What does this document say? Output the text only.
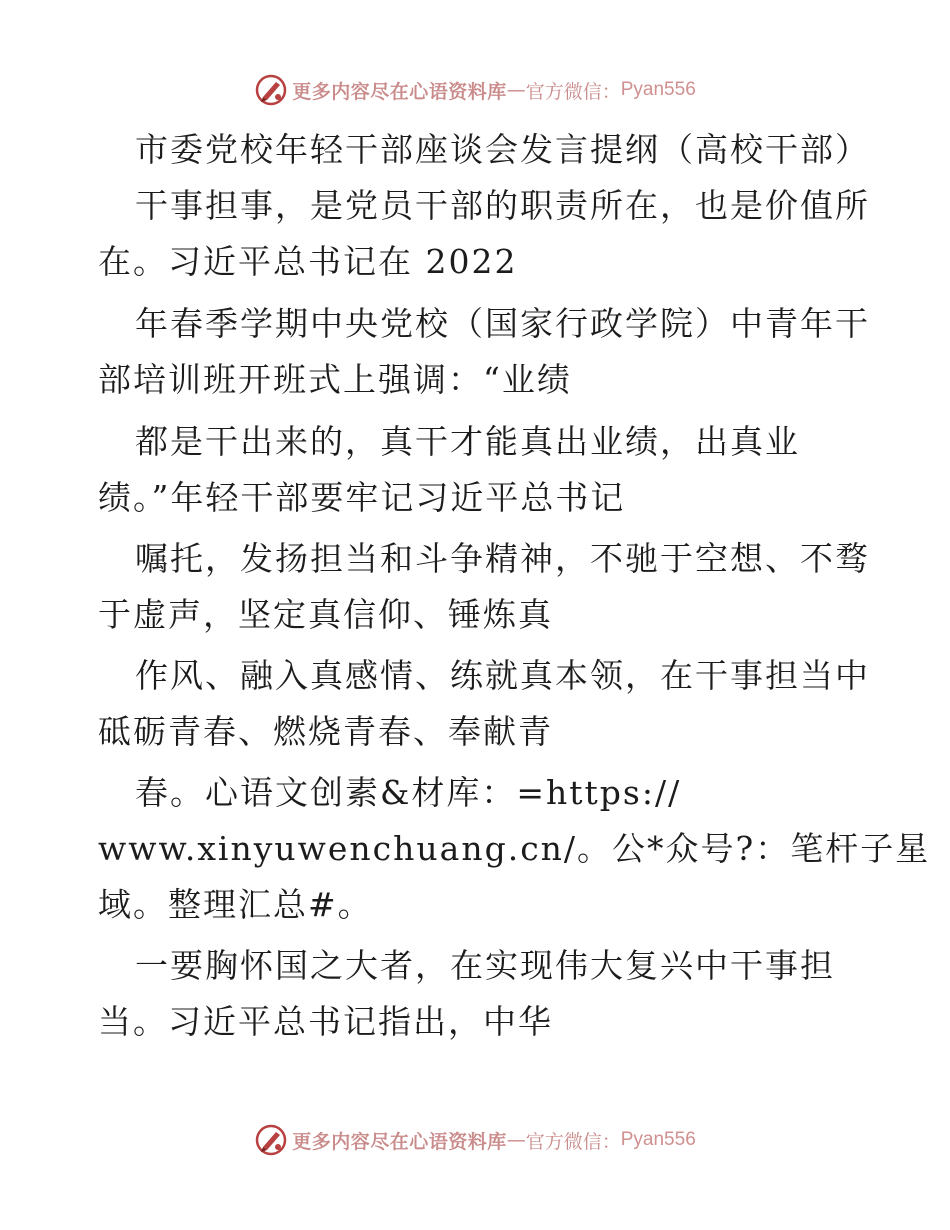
更多内容尽在心语资料库 — 官方微信： Pyan556
市委党校年轻干部座谈会发言提纲（高校干部）
干事担事，是党员干部的职责所在，也是价值所
在。习近平总书记在 2022
年春季学期中央党校（国家行政学院）中青年干
部培训班开班式上强调：“业绩
都是干出来的，真干才能真出业绩，出真业
绩。”年轻干部要牢记习近平总书记
嘱托，发扬担当和斗争精神，不驰于空想、不骛
于虚声，坚定真信仰、锤炼真
作风、融入真感情、练就真本领，在干事担当中
砥砺青春、燃烧青春、奉献青
春。心语文创素&材库：=https://
www.xinyuwenchuang.cn/。公*众号?：笔杆子星
域。整理汇总#。
一要胸怀国之大者，在实现伟大复兴中干事担
当。习近平总书记指出，中华
更多内容尽在心语资料库 — 官方微信： Pyan556
